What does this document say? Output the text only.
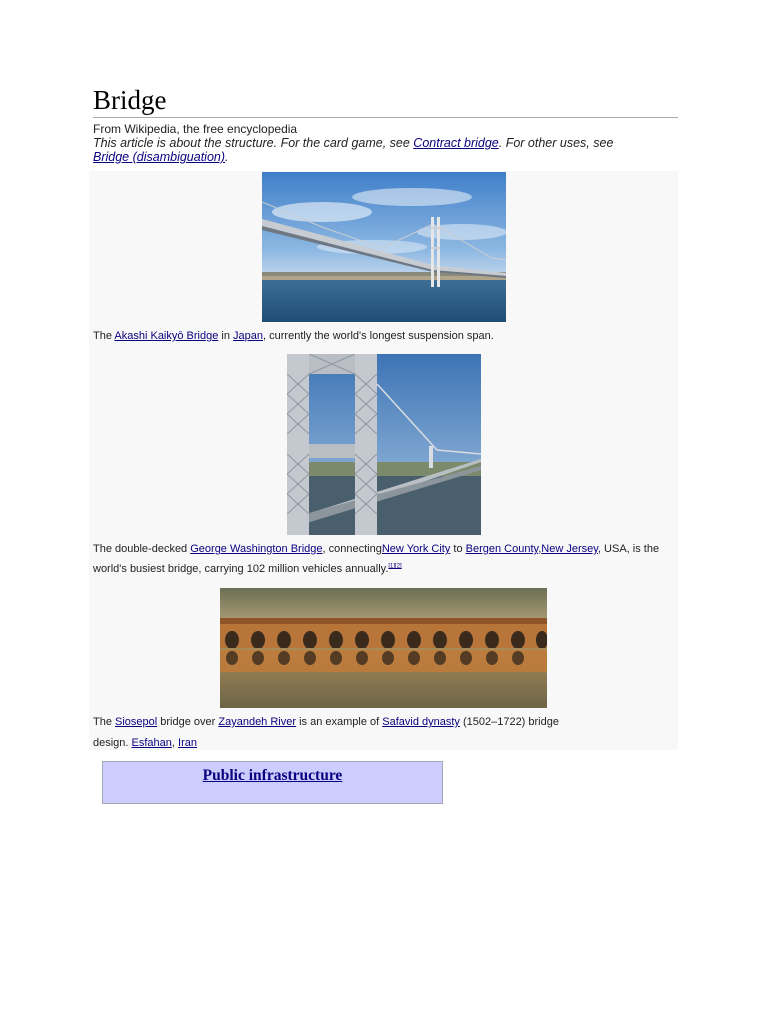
Bridge
From Wikipedia, the free encyclopedia
This article is about the structure. For the card game, see Contract bridge. For other uses, see Bridge (disambiguation).
The Akashi Kaikyō Bridge in Japan, currently the world's longest suspension span.
The double-decked George Washington Bridge, connectingNew York City to Bergen County,New Jersey, USA, is the world's busiest bridge, carrying 102 million vehicles annually.[1][2]
The Siosepol bridge over Zayandeh River is an example of Safavid dynasty (1502–1722) bridge design. Esfahan, Iran
Public infrastructure
